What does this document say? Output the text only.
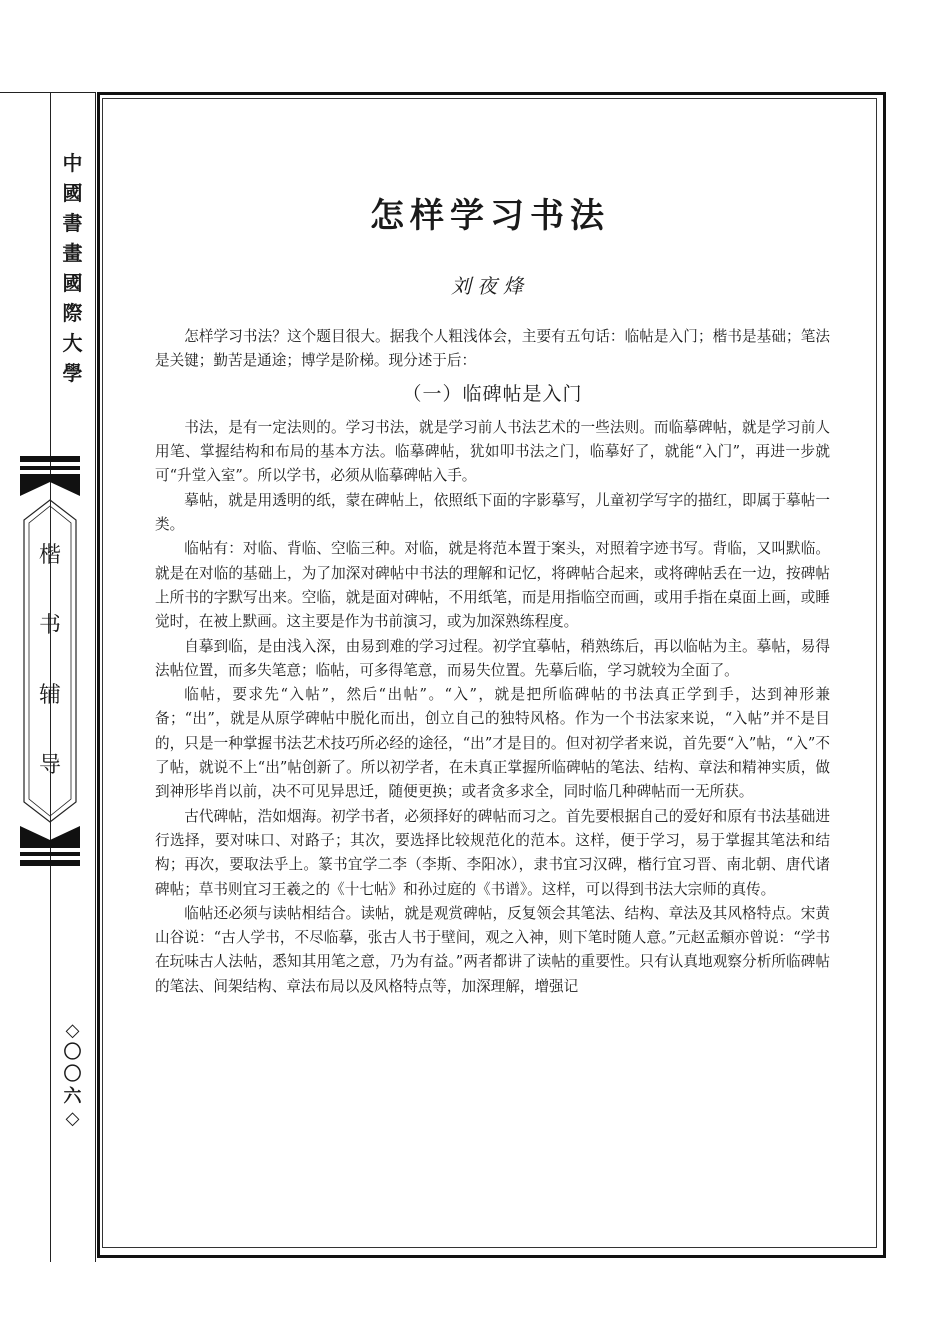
中
國
書
畫
國
際
大
學
楷
书
辅
导
◇
〇
〇
六
◇
怎样学习书法
刘夜烽

怎样学习书法？这个题目很大。据我个人粗浅体会，主要有五句话：临帖是入门；楷书是基础；笔法是关键；勤苦是通途；博学是阶梯。现分述于后：

（一）临碑帖是入门

书法，是有一定法则的。学习书法，就是学习前人书法艺术的一些法则。而临摹碑帖，就是学习前人用笔、掌握结构和布局的基本方法。临摹碑帖，犹如叩书法之门，临摹好了，就能“入门”，再进一步就可“升堂入室”。所以学书，必须从临摹碑帖入手。

摹帖，就是用透明的纸，蒙在碑帖上，依照纸下面的字影摹写，儿童初学写字的描红，即属于摹帖一类。

临帖有：对临、背临、空临三种。对临，就是将范本置于案头，对照着字迹书写。背临，又叫默临。就是在对临的基础上，为了加深对碑帖中书法的理解和记忆，将碑帖合起来，或将碑帖丢在一边，按碑帖上所书的字默写出来。空临，就是面对碑帖，不用纸笔，而是用指临空而画，或用手指在桌面上画，或睡觉时，在被上默画。这主要是作为书前演习，或为加深熟练程度。

自摹到临，是由浅入深，由易到难的学习过程。初学宜摹帖，稍熟练后，再以临帖为主。摹帖，易得法帖位置，而多失笔意；临帖，可多得笔意，而易失位置。先摹后临，学习就较为全面了。

临帖，要求先“入帖”，然后“出帖”。“入”，就是把所临碑帖的书法真正学到手，达到神形兼备；“出”，就是从原学碑帖中脱化而出，创立自己的独特风格。作为一个书法家来说，“入帖”并不是目的，只是一种掌握书法艺术技巧所必经的途径，“出”才是目的。但对初学者来说，首先要“入”帖，“入”不了帖，就说不上“出”帖创新了。所以初学者，在未真正掌握所临碑帖的笔法、结构、章法和精神实质，做到神形毕肖以前，决不可见异思迁，随便更换；或者贪多求全，同时临几种碑帖而一无所获。

古代碑帖，浩如烟海。初学书者，必须择好的碑帖而习之。首先要根据自己的爱好和原有书法基础进行选择，要对味口、对路子；其次，要选择比较规范化的范本。这样，便于学习，易于掌握其笔法和结构；再次，要取法乎上。篆书宜学二李（李斯、李阳冰），隶书宜习汉碑，楷行宜习晋、南北朝、唐代诸碑帖；草书则宜习王羲之的《十七帖》和孙过庭的《书谱》。这样，可以得到书法大宗师的真传。

临帖还必须与读帖相结合。读帖，就是观赏碑帖，反复领会其笔法、结构、章法及其风格特点。宋黄山谷说：“古人学书，不尽临摹，张古人书于壁间，观之入神，则下笔时随人意。”元赵孟頫亦曾说：“学书在玩味古人法帖，悉知其用笔之意，乃为有益。”两者都讲了读帖的重要性。只有认真地观察分析所临碑帖的笔法、间架结构、章法布局以及风格特点等，加深理解，增强记
